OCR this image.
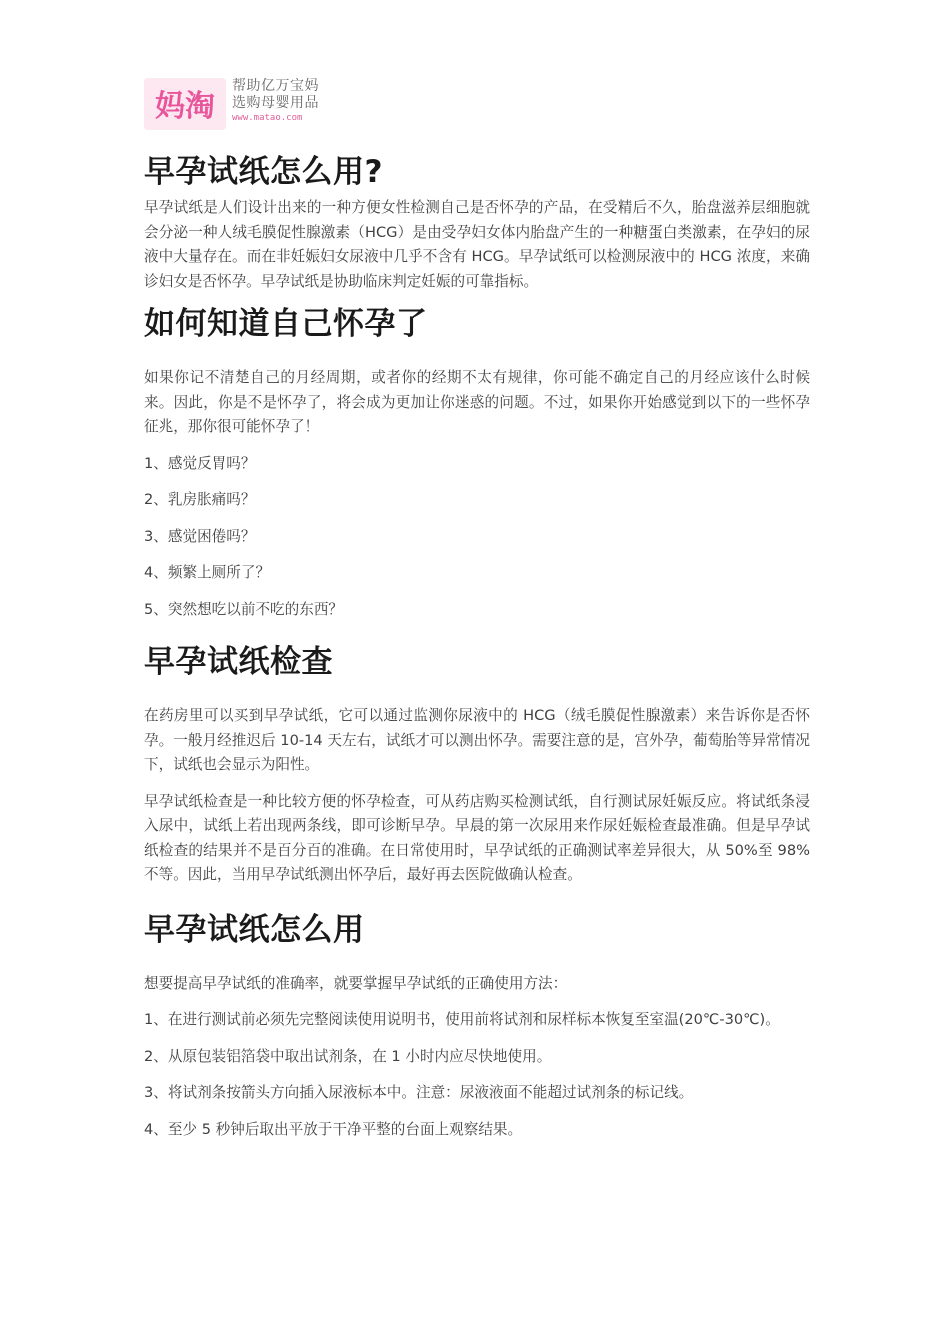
妈淘
帮助亿万宝妈
选购母婴用品
www.matao.com
早孕试纸怎么用?

早孕试纸是人们设计出来的一种方便女性检测自己是否怀孕的产品，在受精后不久，胎盘滋养层细胞就会分泌一种人绒毛膜促性腺激素（HCG）是由受孕妇女体内胎盘产生的一种糖蛋白类激素，在孕妇的尿液中大量存在。而在非妊娠妇女尿液中几乎不含有 HCG。早孕试纸可以检测尿液中的 HCG 浓度，来确诊妇女是否怀孕。早孕试纸是协助临床判定妊娠的可靠指标。

如何知道自己怀孕了

如果你记不清楚自己的月经周期，或者你的经期不太有规律，你可能不确定自己的月经应该什么时候来。因此，你是不是怀孕了，将会成为更加让你迷惑的问题。不过，如果你开始感觉到以下的一些怀孕征兆，那你很可能怀孕了！

1、感觉反胃吗？

2、乳房胀痛吗？

3、感觉困倦吗？

4、频繁上厕所了？

5、突然想吃以前不吃的东西？

早孕试纸检查

在药房里可以买到早孕试纸，它可以通过监测你尿液中的 HCG（绒毛膜促性腺激素）来告诉你是否怀孕。一般月经推迟后 10-14 天左右，试纸才可以测出怀孕。需要注意的是，宫外孕，葡萄胎等异常情况下，试纸也会显示为阳性。

早孕试纸检查是一种比较方便的怀孕检查，可从药店购买检测试纸，自行测试尿妊娠反应。将试纸条浸入尿中，试纸上若出现两条线，即可诊断早孕。早晨的第一次尿用来作尿妊娠检查最准确。但是早孕试纸检查的结果并不是百分百的准确。在日常使用时，早孕试纸的正确测试率差异很大，从 50%至 98%不等。因此，当用早孕试纸测出怀孕后，最好再去医院做确认检查。

早孕试纸怎么用

想要提高早孕试纸的准确率，就要掌握早孕试纸的正确使用方法：

1、在进行测试前必须先完整阅读使用说明书，使用前将试剂和尿样标本恢复至室温(20℃-30℃)。

2、从原包装铝箔袋中取出试剂条，在 1 小时内应尽快地使用。

3、将试剂条按箭头方向插入尿液标本中。注意：尿液液面不能超过试剂条的标记线。

4、至少 5 秒钟后取出平放于干净平整的台面上观察结果。
